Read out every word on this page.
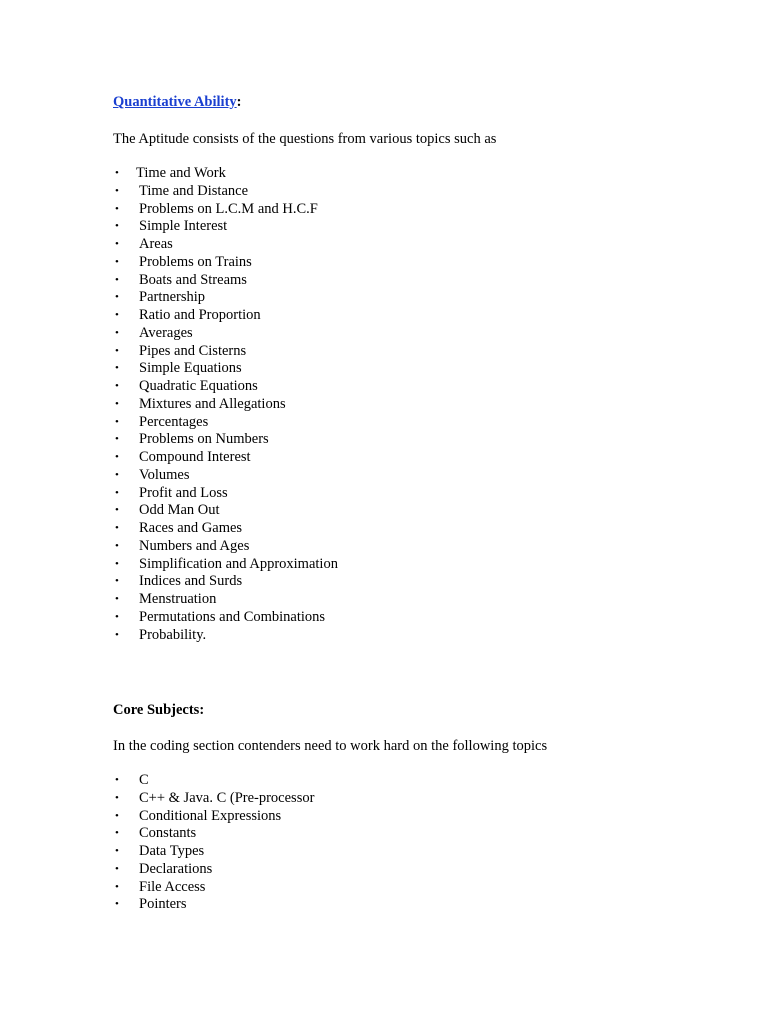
Quantitative Ability:
The Aptitude consists of the questions from various topics such as
• Time and Work
• Time and Distance
• Problems on L.C.M and H.C.F
• Simple Interest
• Areas
• Problems on Trains
• Boats and Streams
• Partnership
• Ratio and Proportion
• Averages
• Pipes and Cisterns
• Simple Equations
• Quadratic Equations
• Mixtures and Allegations
• Percentages
• Problems on Numbers
• Compound Interest
• Volumes
• Profit and Loss
• Odd Man Out
• Races and Games
• Numbers and Ages
• Simplification and Approximation
• Indices and Surds
• Menstruation
• Permutations and Combinations
• Probability.
Core Subjects:
In the coding section contenders need to work hard on the following topics
• C
• C++ & Java. C (Pre-processor
• Conditional Expressions
• Constants
• Data Types
• Declarations
• File Access
• Pointers
